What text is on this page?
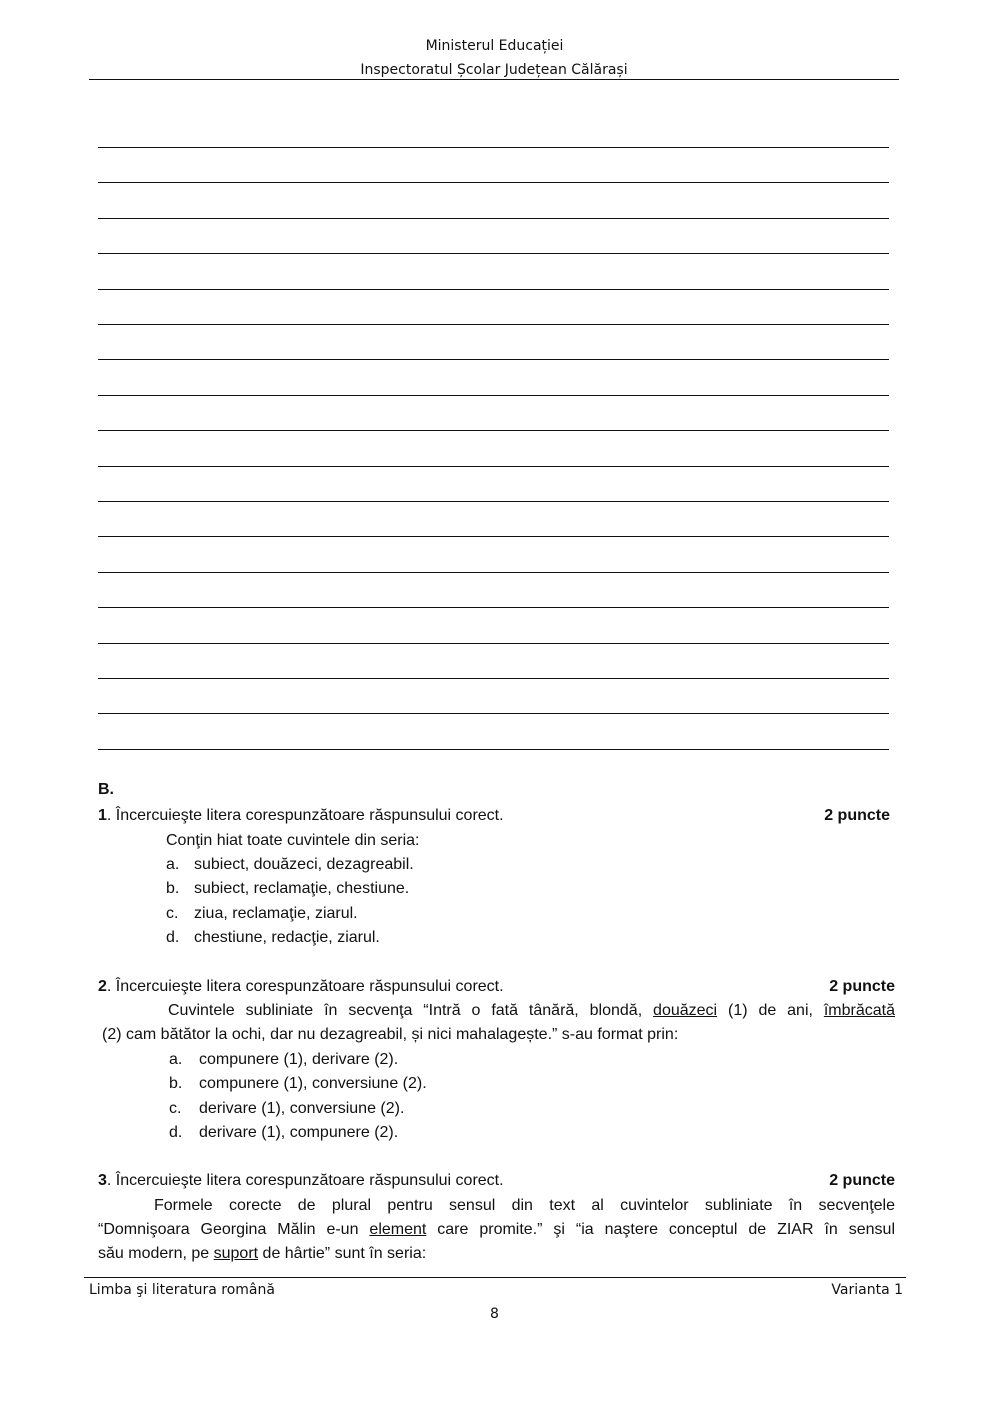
Ministerul Educației
Inspectoratul Școlar Județean Călărași
B.
1. Încercuieşte litera corespunzătoare răspunsului corect.	2 puncte
Conţin hiat toate cuvintele din seria:
a. subiect, douăzeci, dezagreabil.
b. subiect, reclamaţie, chestiune.
c. ziua, reclamaţie, ziarul.
d. chestiune, redacţie, ziarul.
2. Încercuieşte litera corespunzătoare răspunsului corect.	2 puncte
Cuvintele subliniate în secvenţa “Intră o fată tânără, blondă, douăzeci (1) de ani, îmbrăcată
(2) cam bătător la ochi, dar nu dezagreabil, și nici mahalagește.” s-au format prin:
a. compunere (1), derivare (2).
b. compunere (1), conversiune (2).
c. derivare (1), conversiune (2).
d. derivare (1), compunere (2).
3. Încercuieşte litera corespunzătoare răspunsului corect.	2 puncte
Formele corecte de plural pentru sensul din text al cuvintelor subliniate în secvenţele
“Domnişoara Georgina Mălin e-un element care promite.” şi “ia naştere conceptul de ZIAR în sensul
său modern, pe suport de hârtie” sunt în seria:
Limba şi literatura română	Varianta 1
8
